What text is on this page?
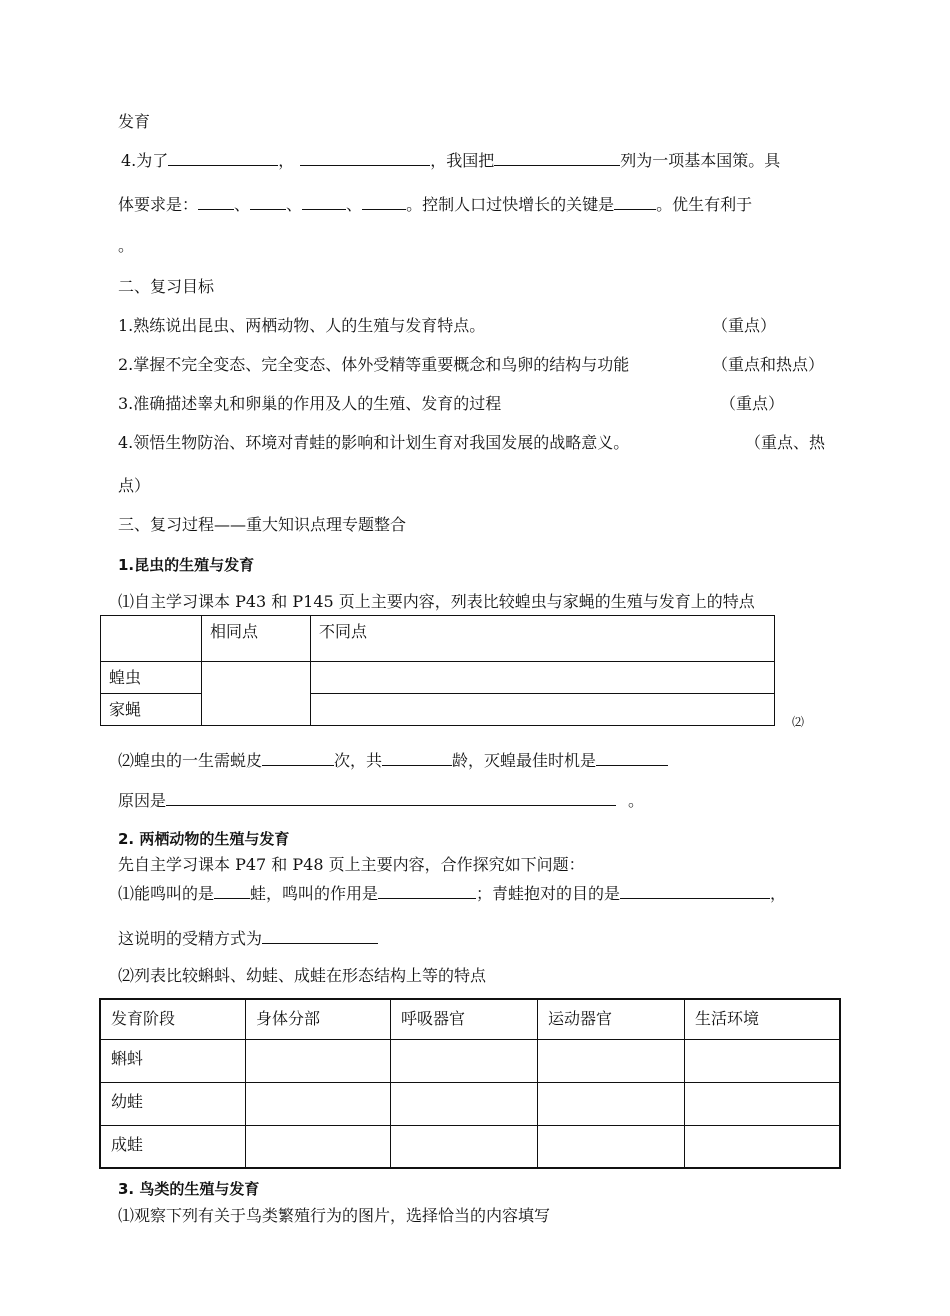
发育
4.为了	，	，我国把	列为一项基本国策。具
体要求是： 、 、	、	。控制人口过快增长的关键是	。优生有利于
。
二、复习目标
1.熟练说出昆虫、两栖动物、人的生殖与发育特点。	（重点）
2.掌握不完全变态、完全变态、体外受精等重要概念和鸟卵的结构与功能	（重点和热点）
3.准确描述睾丸和卵巢的作用及人的生殖、发育的过程	（重点）
4.领悟生物防治、环境对青蛙的影响和计划生育对我国发展的战略意义。	（重点、热
点）
三、复习过程——重大知识点理专题整合
1.昆虫的生殖与发育
⑴自主学习课本 P43 和 P145 页上主要内容，列表比较蝗虫与家蝇的生殖与发育上的特点
	相同点	不同点
蝗虫		
家蝇		
⑵
⑵蝗虫的一生需蜕皮	次，共	龄，灭蝗最佳时机是
原因是	。
2. 两栖动物的生殖与发育
先自主学习课本 P47 和 P48 页上主要内容，合作探究如下问题：
⑴能鸣叫的是 蛙，鸣叫的作用是	；青蛙抱对的目的是	，
这说明的受精方式为
⑵列表比较蝌蚪、幼蛙、成蛙在形态结构上等的特点
发育阶段	身体分部	呼吸器官	运动器官	生活环境
蝌蚪				
幼蛙				
成蛙				
3. 鸟类的生殖与发育
⑴观察下列有关于鸟类繁殖行为的图片，选择恰当的内容填写
